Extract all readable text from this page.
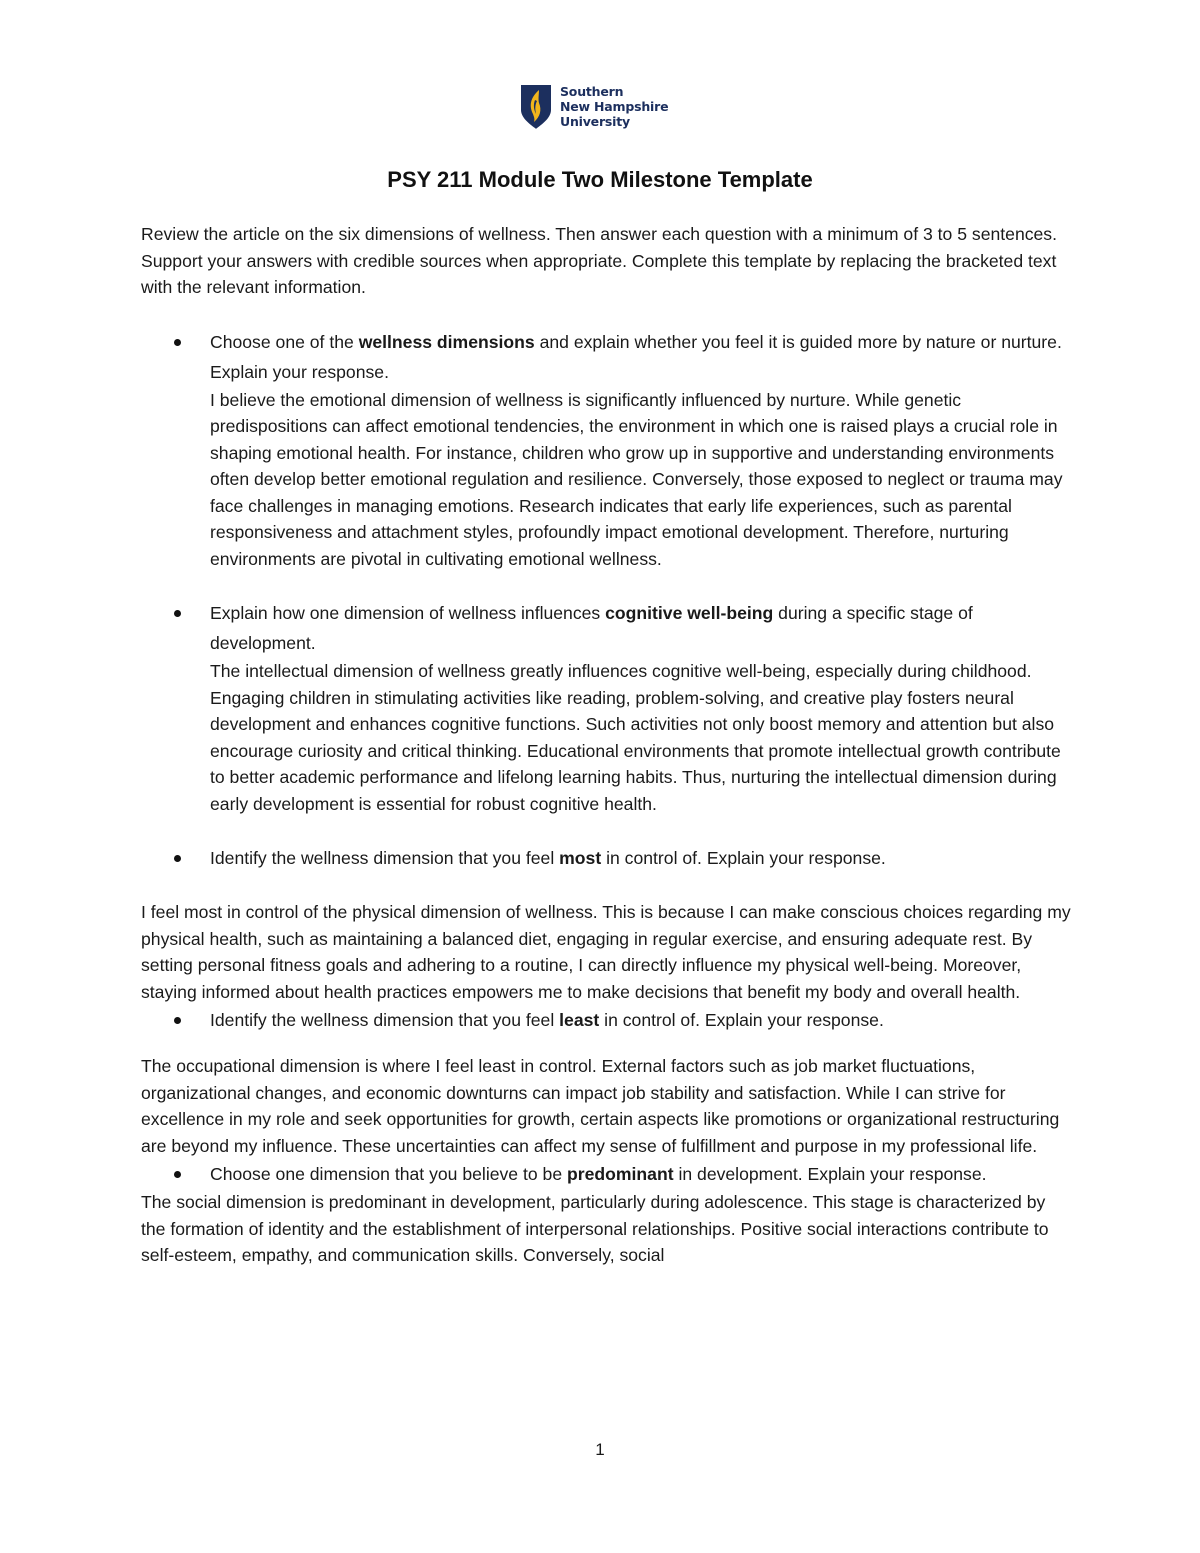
Southern
New Hampshire
University
PSY 211 Module Two Milestone Template

Review the article on the six dimensions of wellness. Then answer each question with a minimum of 3 to 5 sentences. Support your answers with credible sources when appropriate. Complete this template by replacing the bracketed text with the relevant information.

Choose one of the wellness dimensions and explain whether you feel it is guided more by nature or nurture. Explain your response.

I believe the emotional dimension of wellness is significantly influenced by nurture. While genetic predispositions can affect emotional tendencies, the environment in which one is raised plays a crucial role in shaping emotional health. For instance, children who grow up in supportive and understanding environments often develop better emotional regulation and resilience. Conversely, those exposed to neglect or trauma may face challenges in managing emotions. Research indicates that early life experiences, such as parental responsiveness and attachment styles, profoundly impact emotional development. Therefore, nurturing environments are pivotal in cultivating emotional wellness.

Explain how one dimension of wellness influences cognitive well-being during a specific stage of development.

The intellectual dimension of wellness greatly influences cognitive well-being, especially during childhood. Engaging children in stimulating activities like reading, problem-solving, and creative play fosters neural development and enhances cognitive functions. Such activities not only boost memory and attention but also encourage curiosity and critical thinking. Educational environments that promote intellectual growth contribute to better academic performance and lifelong learning habits. Thus, nurturing the intellectual dimension during early development is essential for robust cognitive health.

Identify the wellness dimension that you feel most in control of. Explain your response.

I feel most in control of the physical dimension of wellness. This is because I can make conscious choices regarding my physical health, such as maintaining a balanced diet, engaging in regular exercise, and ensuring adequate rest. By setting personal fitness goals and adhering to a routine, I can directly influence my physical well-being. Moreover, staying informed about health practices empowers me to make decisions that benefit my body and overall health.

Identify the wellness dimension that you feel least in control of. Explain your response.

The occupational dimension is where I feel least in control. External factors such as job market fluctuations, organizational changes, and economic downturns can impact job stability and satisfaction. While I can strive for excellence in my role and seek opportunities for growth, certain aspects like promotions or organizational restructuring are beyond my influence. These uncertainties can affect my sense of fulfillment and purpose in my professional life.

Choose one dimension that you believe to be predominant in development. Explain your response.

The social dimension is predominant in development, particularly during adolescence. This stage is characterized by the formation of identity and the establishment of interpersonal relationships. Positive social interactions contribute to self-esteem, empathy, and communication skills. Conversely, social

1
